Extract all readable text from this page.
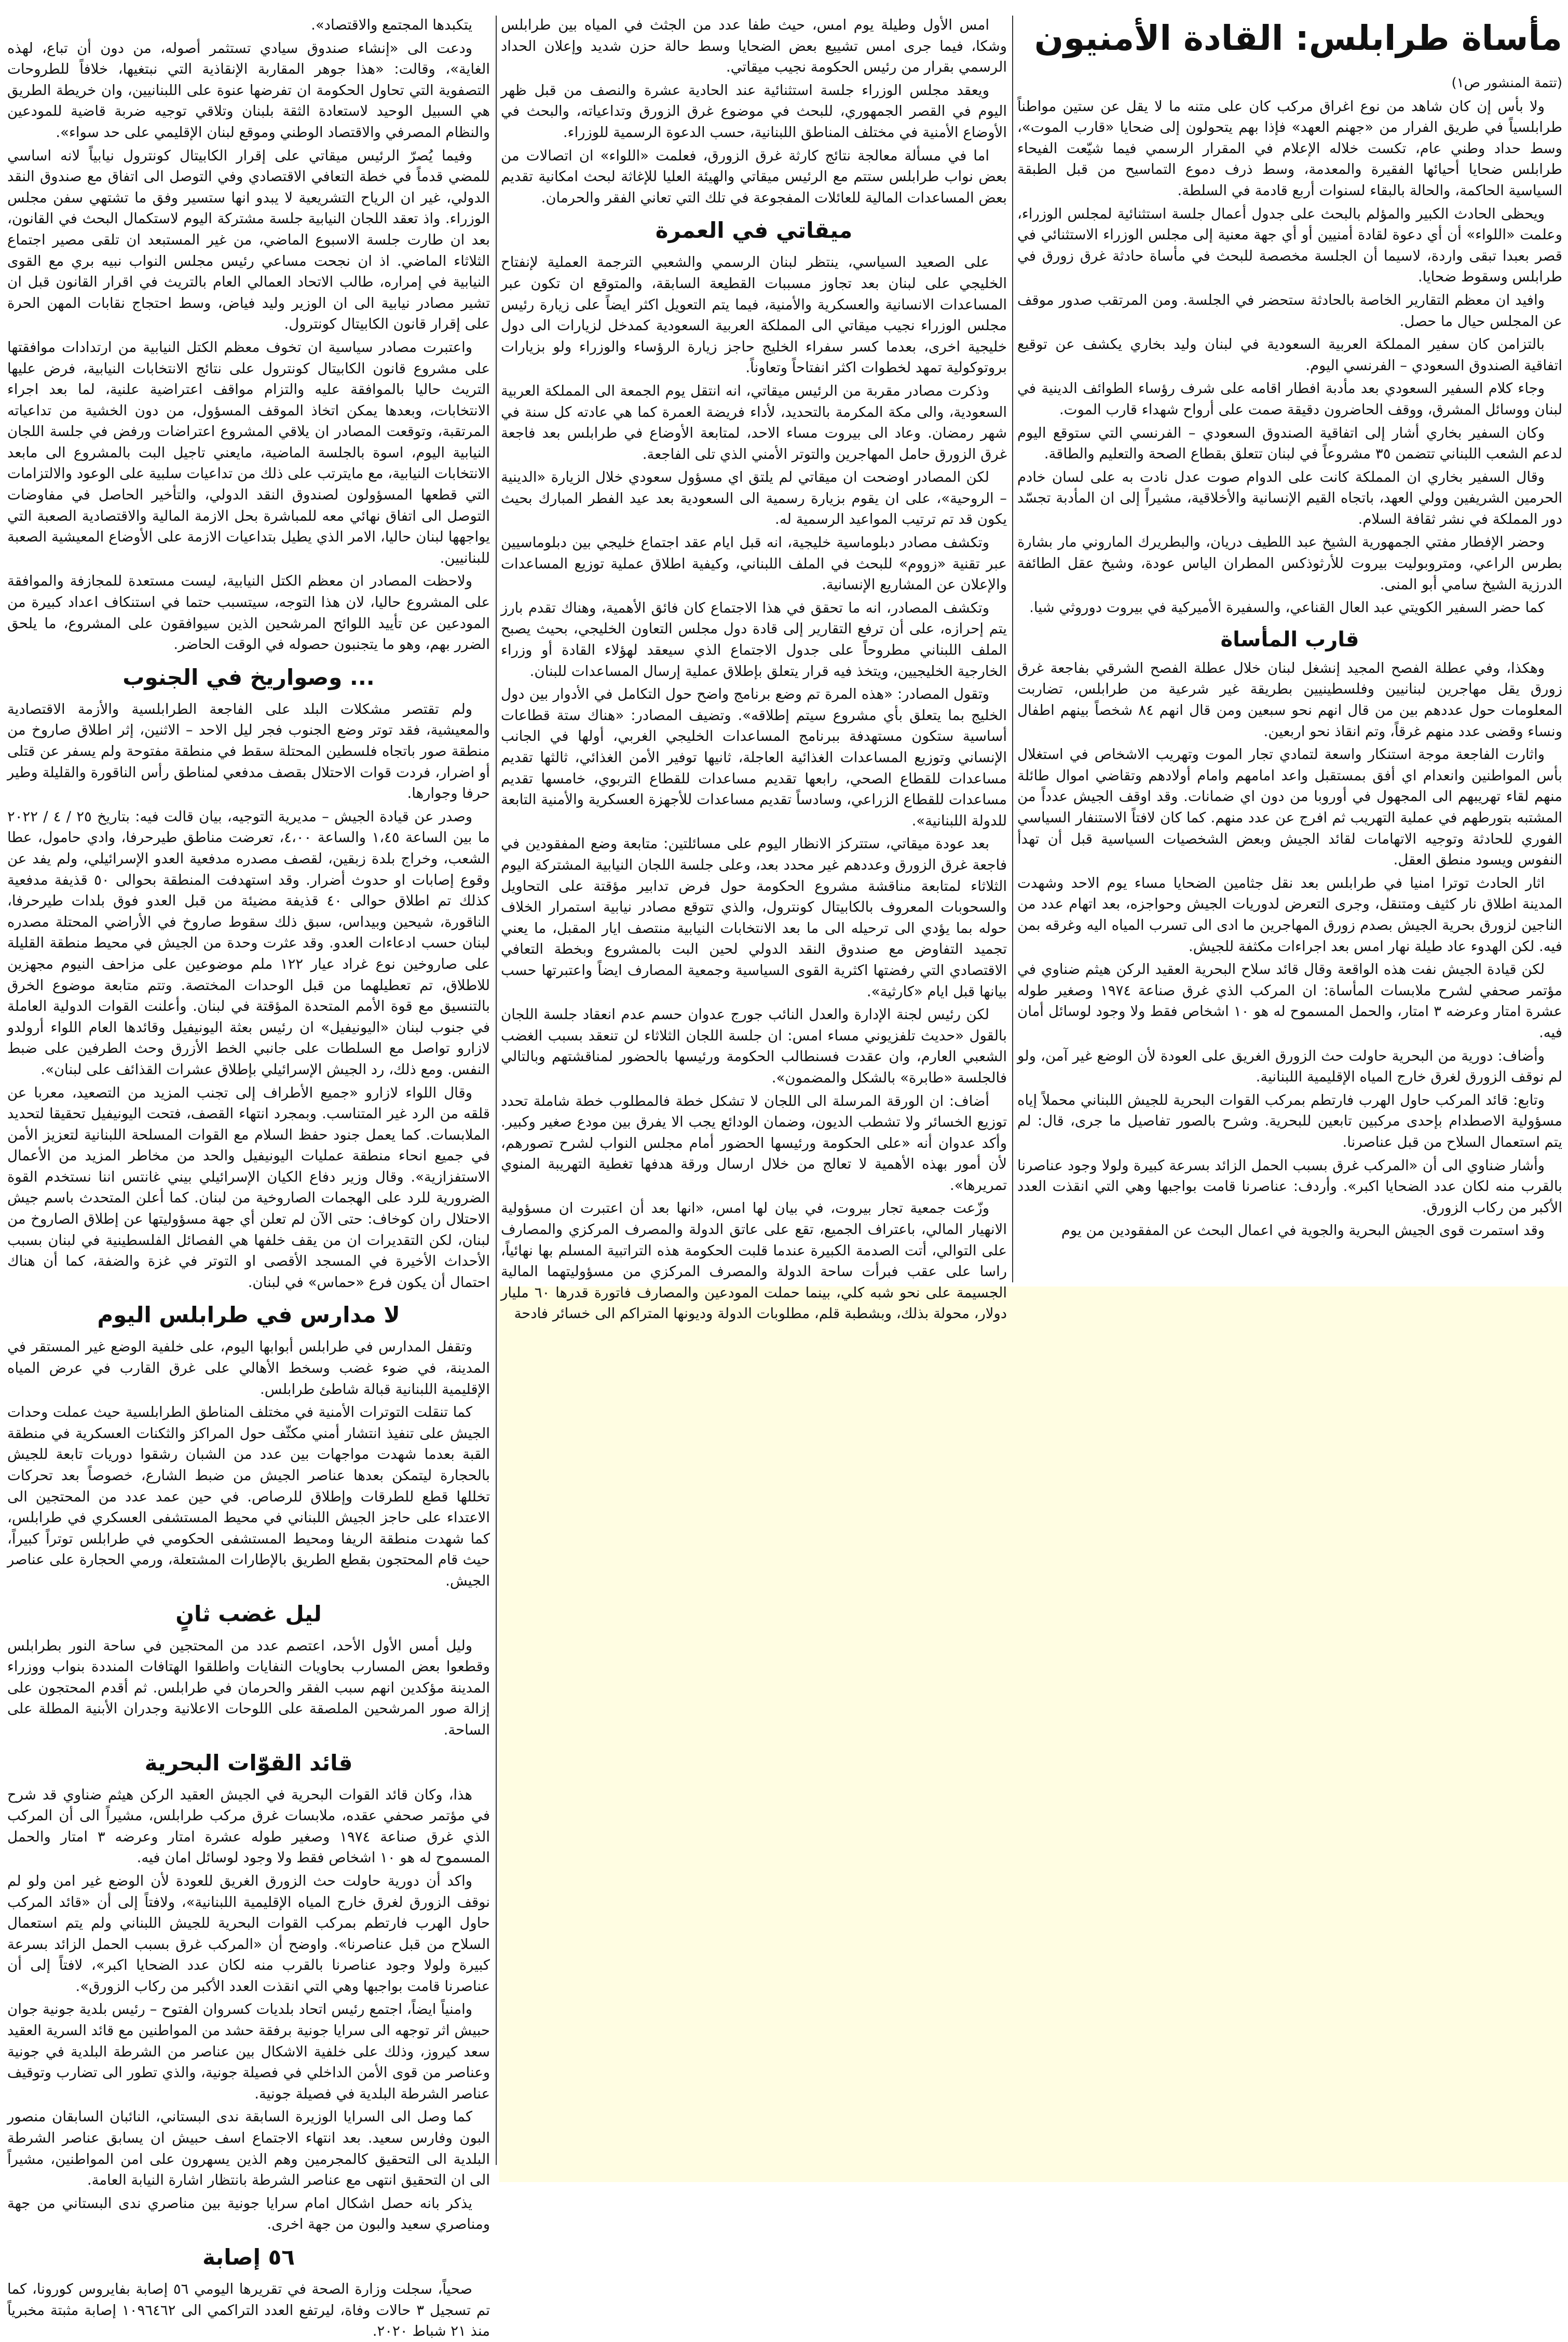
مأساة طرابلس: القادة الأمنيون

(تتمة المنشور ص١)

ولا بأس إن كان شاهد من نوع اغراق مركب كان على متنه ما لا يقل عن ستين مواطناً طرابلسياً في طريق الفرار من «جهنم العهد» فإذا بهم يتحولون إلى ضحايا «قارب الموت»، وسط حداد وطني عام، تكست خلاله الإعلام في المقرار الرسمي فيما شيّعت الفيحاء طرابلس ضحايا أحيائها الفقيرة والمعدمة، وسط ذرف دموع التماسيح من قبل الطبقة السياسية الحاكمة، والحالة بالبقاء لسنوات أربع قادمة في السلطة.

ويحظى الحادث الكبير والمؤلم بالبحث على جدول أعمال جلسة استثنائية لمجلس الوزراء، وعلمت «اللواء» أن أي دعوة لقادة أمنيين أو أي جهة معنية إلى مجلس الوزراء الاستثنائي في قصر بعبدا تبقى واردة، لاسيما أن الجلسة مخصصة للبحث في مأساة حادثة غرق زورق في طرابلس وسقوط ضحايا.

وافيد ان معظم التقارير الخاصة بالحادثة ستحضر في الجلسة. ومن المرتقب صدور موقف عن المجلس حيال ما حصل.

بالتزامن كان سفير المملكة العربية السعودية في لبنان وليد بخاري يكشف عن توقيع اتفاقية الصندوق السعودي – الفرنسي اليوم.

وجاء كلام السفير السعودي بعد مأدبة افطار اقامه على شرف رؤساء الطوائف الدينية في لبنان ووسائل المشرق، ووقف الحاضرون دقيقة صمت على أرواح شهداء قارب الموت.

وكان السفير بخاري أشار إلى اتفاقية الصندوق السعودي – الفرنسي التي ستوقع اليوم لدعم الشعب اللبناني تتضمن ٣٥ مشروعاً في لبنان تتعلق بقطاع الصحة والتعليم والطاقة.

وقال السفير بخاري ان المملكة كانت على الدوام صوت عدل نادت به على لسان خادم الحرمين الشريفين وولي العهد، باتجاه القيم الإنسانية والأخلاقية، مشيراً إلى ان المأدبة تجسّد دور المملكة في نشر ثقافة السلام.

وحضر الإفطار مفتي الجمهورية الشيخ عبد اللطيف دريان، والبطريرك الماروني مار بشارة بطرس الراعي، ومتروبوليت بيروت للأرثوذكس المطران الياس عودة، وشيخ عقل الطائفة الدرزية الشيخ سامي أبو المنى.

كما حضر السفير الكويتي عبد العال القناعي، والسفيرة الأميركية في بيروت دوروثي شيا.

قارب المأساة

وهكذا، وفي عطلة الفصح المجيد إنشغل لبنان خلال عطلة الفصح الشرقي بفاجعة غرق زورق يقل مهاجرين لبنانيين وفلسطينيين بطريقة غير شرعية من طرابلس، تضاربت المعلومات حول عددهم بين من قال انهم نحو سبعين ومن قال انهم ٨٤ شخصاً بينهم اطفال ونساء وقضى عدد منهم غرقاً، وتم انقاذ نحو اربعين.

واثارت الفاجعة موجة استنكار واسعة لتمادي تجار الموت وتهريب الاشخاص في استغلال بأس المواطنين وانعدام اي أفق بمستقبل واعد امامهم وامام أولادهم وتقاضي اموال طائلة منهم لقاء تهريبهم الى المجهول في أوروبا من دون اي ضمانات. وقد اوقف الجيش عدداً من المشتبه بتورطهم في عملية التهريب ثم افرج عن عدد منهم. كما كان لافتاً الاستنفار السياسي الفوري للحادثة وتوجيه الاتهامات لقائد الجيش وبعض الشخصيات السياسية قبل أن تهدأ النفوس ويسود منطق العقل.

اثار الحادث توترا امنيا في طرابلس بعد نقل جثامين الضحايا مساء يوم الاحد وشهدت المدينة اطلاق نار كثيف ومتنقل، وجرى التعرض لدوريات الجيش وحواجزه، بعد اتهام عدد من الناجين لزورق بحرية الجيش بصدم زورق المهاجرين ما ادى الى تسرب المياه اليه وغرقه بمن فيه. لكن الهدوء عاد طيلة نهار امس بعد اجراءات مكثفة للجيش.

لكن قيادة الجيش نفت هذه الواقعة وقال قائد سلاح البحرية العقيد الركن هيثم ضناوي في مؤتمر صحفي لشرح ملابسات المأساة: ان المركب الذي غرق صناعة ١٩٧٤ وصغير طوله عشرة امتار وعرضه ٣ امتار، والحمل المسموح له هو ١٠ اشخاص فقط ولا وجود لوسائل أمان فيه.

وأضاف: دورية من البحرية حاولت حث الزورق الغريق على العودة لأن الوضع غير آمن، ولو لم نوقف الزورق لغرق خارج المياه الإقليمية اللبنانية.

وتابع: قائد المركب حاول الهرب فارتطم بمركب القوات البحرية للجيش اللبناني محملاً إياه مسؤولية الاصطدام بإحدى مركبين تابعين للبحرية. وشرح بالصور تفاصيل ما جرى، قال: لم يتم استعمال السلاح من قبل عناصرنا.

وأشار ضناوي الى أن «المركب غرق بسبب الحمل الزائد بسرعة كبيرة ولولا وجود عناصرنا بالقرب منه لكان عدد الضحايا اكبر». وأردف: عناصرنا قامت بواجبها وهي التي انقذت العدد الأكبر من ركاب الزورق.

وقد استمرت قوى الجيش البحرية والجوية في اعمال البحث عن المفقودين من يوم

امس الأول وطيلة يوم امس، حيث طفا عدد من الجثث في المياه بين طرابلس وشكا، فيما جرى امس تشييع بعض الضحايا وسط حالة حزن شديد وإعلان الحداد الرسمي بقرار من رئيس الحكومة نجيب ميقاتي.

ويعقد مجلس الوزراء جلسة استثنائية عند الحادية عشرة والنصف من قبل ظهر اليوم في القصر الجمهوري، للبحث في موضوع غرق الزورق وتداعياته، والبحث في الأوضاع الأمنية في مختلف المناطق اللبنانية، حسب الدعوة الرسمية للوزراء.

اما في مسألة معالجة نتائج كارثة غرق الزورق، فعلمت «اللواء» ان اتصالات من بعض نواب طرابلس ستتم مع الرئيس ميقاتي والهيئة العليا للإغاثة لبحث امكانية تقديم بعض المساعدات المالية للعائلات المفجوعة في تلك التي تعاني الفقر والحرمان.

ميقاتي في العمرة

على الصعيد السياسي، ينتظر لبنان الرسمي والشعبي الترجمة العملية لإنفتاح الخليجي على لبنان بعد تجاوز مسببات القطيعة السابقة، والمتوقع ان تكون عبر المساعدات الانسانية والعسكرية والأمنية، فيما يتم التعويل اكثر ايضاً على زيارة رئيس مجلس الوزراء نجيب ميقاتي الى المملكة العربية السعودية كمدخل لزيارات الى دول خليجية اخرى، بعدما كسر سفراء الخليج حاجز زيارة الرؤساء والوزراء ولو بزيارات بروتوكولية تمهد لخطوات اكثر انفتاحاً وتعاوناً.

وذكرت مصادر مقربة من الرئيس ميقاتي، انه انتقل يوم الجمعة الى المملكة العربية السعودية، والى مكة المكرمة بالتحديد، لأداء فريضة العمرة كما هي عادته كل سنة في شهر رمضان. وعاد الى بيروت مساء الاحد، لمتابعة الأوضاع في طرابلس بعد فاجعة غرق الزورق حامل المهاجرين والتوتر الأمني الذي تلى الفاجعة.

لكن المصادر اوضحت ان ميقاتي لم يلتق اي مسؤول سعودي خلال الزيارة «الدينية – الروحية»، على ان يقوم بزيارة رسمية الى السعودية بعد عيد الفطر المبارك بحيث يكون قد تم ترتيب المواعيد الرسمية له.

وتكشف مصادر دبلوماسية خليجية، انه قبل ايام عقد اجتماع خليجي بين دبلوماسيين عبر تقنية «زووم» للبحث في الملف اللبناني، وكيفية اطلاق عملية توزيع المساعدات والإعلان عن المشاريع الإنسانية.

وتكشف المصادر، انه ما تحقق في هذا الاجتماع كان فائق الأهمية، وهناك تقدم بارز يتم إحرازه، على أن ترفع التقارير إلى قادة دول مجلس التعاون الخليجي، بحيث يصبح الملف اللبناني مطروحاً على جدول الاجتماع الذي سيعقد لهؤلاء القادة أو وزراء الخارجية الخليجيين، ويتخذ فيه قرار يتعلق بإطلاق عملية إرسال المساعدات للبنان.

وتقول المصادر: «هذه المرة تم وضع برنامج واضح حول التكامل في الأدوار بين دول الخليج بما يتعلق بأي مشروع سيتم إطلاقه». وتضيف المصادر: «هناك ستة قطاعات أساسية ستكون مستهدفة ببرنامج المساعدات الخليجي الغربي، أولها في الجانب الإنساني وتوزيع المساعدات الغذائية العاجلة، ثانيها توفير الأمن الغذائي، ثالثها تقديم مساعدات للقطاع الصحي، رابعها تقديم مساعدات للقطاع التربوي، خامسها تقديم مساعدات للقطاع الزراعي، وسادساً تقديم مساعدات للأجهزة العسكرية والأمنية التابعة للدولة اللبنانية».

بعد عودة ميقاتي، ستتركز الانظار اليوم على مسائلتين: متابعة وضع المفقودين في فاجعة غرق الزورق وعددهم غير محدد بعد، وعلى جلسة اللجان النيابية المشتركة اليوم الثلاثاء لمتابعة مناقشة مشروع الحكومة حول فرض تدابير مؤقتة على التحاويل والسحوبات المعروف بالكابيتال كونترول، والذي تتوقع مصادر نيابية استمرار الخلاف حوله بما يؤدي الى ترحيله الى ما بعد الانتخابات النيابية منتصف ايار المقبل، ما يعني تجميد التفاوض مع صندوق النقد الدولي لحين البت بالمشروع وبخطة التعافي الاقتصادي التي رفضتها اكثرية القوى السياسية وجمعية المصارف ايضاً واعتبرتها حسب بيانها قبل ايام «كارثية».

لكن رئيس لجنة الإدارة والعدل النائب جورج عدوان حسم عدم انعقاد جلسة اللجان بالقول «حديث تلفزيوني مساء امس: ان جلسة اللجان الثلاثاء لن تنعقد بسبب الغضب الشعبي العارم، وان عقدت فسنطالب الحكومة ورئيسها بالحضور لمناقشتهم وبالتالي فالجلسة «طابرة» بالشكل والمضمون».

أضاف: ان الورقة المرسلة الى اللجان لا تشكل خطة فالمطلوب خطة شاملة تحدد توزيع الخسائر ولا تشطب الديون، وضمان الودائع يجب الا يفرق بين مودع صغير وكبير. وأكد عدوان أنه «على الحكومة ورئيسها الحضور أمام مجلس النواب لشرح تصورهم، لأن أمور بهذه الأهمية لا تعالج من خلال ارسال ورقة هدفها تغطية التهريبة المنوي تمريرها».

وزّعت جمعية تجار بيروت، في بيان لها امس، «انها بعد أن اعتبرت ان مسؤولية الانهيار المالي، باعتراف الجميع، تقع على عاتق الدولة والمصرف المركزي والمصارف على التوالي، أتت الصدمة الكبيرة عندما قلبت الحكومة هذه التراتبية المسلم بها نهائياً، راسا على عقب فبرأت ساحة الدولة والمصرف المركزي من مسؤوليتهما المالية الجسيمة على نحو شبه كلي، بينما حملت المودعين والمصارف فاتورة قدرها ٦٠ مليار دولار، محولة بذلك، وبشطبة قلم، مطلوبات الدولة وديونها المتراكم الى خسائر فادحة

يتكبدها المجتمع والاقتصاد».

ودعت الى «إنشاء صندوق سيادي تستثمر أصوله، من دون أن تباع، لهذه الغاية»، وقالت: «هذا جوهر المقاربة الإنقاذية التي نبتغيها، خلافاً للطروحات التصفوية التي تحاول الحكومة ان تفرضها عنوة على اللبنانيين، وان خريطة الطريق هي السبيل الوحيد لاستعادة الثقة بلبنان وتلاقي توجيه ضربة قاضية للمودعين والنظام المصرفي والاقتصاد الوطني وموقع لبنان الإقليمي على حد سواء».

وفيما يُصرّ الرئيس ميقاتي على إقرار الكابيتال كونترول نيابياً لانه اساسي للمضي قدماً في خطة التعافي الاقتصادي وفي التوصل الى اتفاق مع صندوق النقد الدولي، غير ان الرياح التشريعية لا يبدو انها ستسير وفق ما تشتهي سفن مجلس الوزراء. واذ تعقد اللجان النيابية جلسة مشتركة اليوم لاستكمال البحث في القانون، بعد ان طارت جلسة الاسبوع الماضي، من غير المستبعد ان تلقى مصير اجتماع الثلاثاء الماضي. اذ ان نجحت مساعي رئيس مجلس النواب نبيه بري مع القوى النيابية في إمراره، طالب الاتحاد العمالي العام بالتريث في اقرار القانون قبل ان تشير مصادر نيابية الى ان الوزير وليد فياض، وسط احتجاج نقابات المهن الحرة على إقرار قانون الكابيتال كونترول.

واعتبرت مصادر سياسية ان تخوف معظم الكتل النيابية من ارتدادات موافقتها على مشروع قانون الكابيتال كونترول على نتائج الانتخابات النيابية، فرض عليها التريث حاليا بالموافقة عليه والتزام مواقف اعتراضية علنية، لما بعد اجراء الانتخابات، وبعدها يمكن اتخاذ الموقف المسؤول، من دون الخشية من تداعياته المرتقبة، وتوقعت المصادر ان يلاقي المشروع اعتراضات ورفض في جلسة اللجان النيابية اليوم، اسوة بالجلسة الماضية، مايعني تاجيل البت بالمشروع الى مابعد الانتخابات النيابية، مع مايترتب على ذلك من تداعيات سلبية على الوعود والالتزامات التي قطعها المسؤولون لصندوق النقد الدولي، والتأخير الحاصل في مفاوضات التوصل الى اتفاق نهائي معه للمباشرة بحل الازمة المالية والاقتصادية الصعبة التي يواجهها لبنان حاليا، الامر الذي يطيل بتداعيات الازمة على الأوضاع المعيشية الصعبة للبنانيين.

ولاحظت المصادر ان معظم الكتل النيابية، ليست مستعدة للمجازفة والموافقة على المشروع حاليا، لان هذا التوجه، سيتسبب حتما في استنكاف اعداد كبيرة من المودعين عن تأييد اللوائح المرشحين الذين سيوافقون على المشروع، ما يلحق الضرر بهم، وهو ما يتجنبون حصوله في الوقت الحاضر.

... وصواريخ في الجنوب

ولم تقتصر مشكلات البلد على الفاجعة الطرابلسية والأزمة الاقتصادية والمعيشية، فقد توتر وضع الجنوب فجر ليل الاحد – الاثنين، إثر اطلاق صاروخ من منطقة صور باتجاه فلسطين المحتلة سقط في منطقة مفتوحة ولم يسفر عن قتلى أو اضرار، فردت قوات الاحتلال بقصف مدفعي لمناطق رأس الناقورة والقليلة وطير حرفا وجوارها.

وصدر عن قيادة الجيش – مديرية التوجيه، بيان قالت فيه: بتاريخ ٢٥ / ٤ / ٢٠٢٢ ما بين الساعة ١،٤٥ والساعة ٤،٠٠، تعرضت مناطق طيرحرفا، وادي حامول، عطا الشعب، وخراج بلدة زبقين، لقصف مصدره مدفعية العدو الإسرائيلي، ولم يفد عن وقوع إصابات او حدوث أضرار. وقد استهدفت المنطقة بحوالى ٥٠ قذيفة مدفعية كذلك تم اطلاق حوالى ٤٠ قذيفة مضيئة من قبل العدو فوق بلدات طيرحرفا، الناقورة، شيحين وبيداس، سبق ذلك سقوط صاروخ في الأراضي المحتلة مصدره لبنان حسب ادعاءات العدو. وقد عثرت وحدة من الجيش في محيط منطقة القليلة على صاروخين نوع غراد عيار ١٢٢ ملم موضوعين على مزاحف النيوم مجهزين للاطلاق، تم تعطيلهما من قبل الوحدات المختصة. وتتم متابعة موضوع الخرق بالتنسيق مع قوة الأمم المتحدة المؤقتة في لبنان. وأعلنت القوات الدولية العاملة في جنوب لبنان «اليونيفيل» ان رئيس بعثة اليونيفيل وقائدها العام اللواء أرولدو لازارو تواصل مع السلطات على جانبي الخط الأزرق وحث الطرفين على ضبط النفس. ومع ذلك، رد الجيش الإسرائيلي بإطلاق عشرات القذائف على لبنان».

وقال اللواء لازارو «جميع الأطراف إلى تجنب المزيد من التصعيد، معربا عن قلقه من الرد غير المتناسب. وبمجرد انتهاء القصف، فتحت اليونيفيل تحقيقا لتحديد الملابسات. كما يعمل جنود حفظ السلام مع القوات المسلحة اللبنانية لتعزيز الأمن في جميع انحاء منطقة عمليات اليونيفيل والحد من مخاطر المزيد من الأعمال الاستفزازية». وقال وزير دفاع الكيان الإسرائيلي بيني غانتس اننا نستخدم القوة الضرورية للرد على الهجمات الصاروخية من لبنان. كما أعلن المتحدث باسم جيش الاحتلال ران كوخاف: حتى الآن لم تعلن أي جهة مسؤوليتها عن إطلاق الصاروخ من لبنان، لكن التقديرات ان من يقف خلفها هي الفصائل الفلسطينية في لبنان بسبب الأحداث الأخيرة في المسجد الأقصى او التوتر في غزة والضفة، كما أن هناك احتمال أن يكون فرع «حماس» في لبنان.

لا مدارس في طرابلس اليوم

وتقفل المدارس في طرابلس أبوابها اليوم، على خلفية الوضع غير المستقر في المدينة، في ضوء غضب وسخط الأهالي على غرق القارب في عرض المياه الإقليمية اللبنانية قبالة شاطئ طرابلس.

كما تنقلت التوترات الأمنية في مختلف المناطق الطرابلسية حيث عملت وحدات الجيش على تنفيذ انتشار أمني مكثّف حول المراكز والثكنات العسكرية في منطقة القبة بعدما شهدت مواجهات بين عدد من الشبان رشقوا دوريات تابعة للجيش بالحجارة ليتمكن بعدها عناصر الجيش من ضبط الشارع، خصوصاً بعد تحركات تخللها قطع للطرقات وإطلاق للرصاص. في حين عمد عدد من المحتجين الى الاعتداء على حاجز الجيش اللبناني في محيط المستشفى العسكري في طرابلس، كما شهدت منطقة الريفا ومحيط المستشفى الحكومي في طرابلس توتراً كبيراً، حيث قام المحتجون بقطع الطريق بالإطارات المشتعلة، ورمي الحجارة على عناصر الجيش.

ليل غضب ثانٍ

وليل أمس الأول الأحد، اعتصم عدد من المحتجين في ساحة النور بطرابلس وقطعوا بعض المسارب بحاويات النفايات واطلقوا الهتافات المنددة بنواب ووزراء المدينة مؤكدين انهم سبب الفقر والحرمان في طرابلس. ثم أقدم المحتجون على إزالة صور المرشحين الملصقة على اللوحات الاعلانية وجدران الأبنية المطلة على الساحة.

قائد القوّات البحرية

هذا، وكان قائد القوات البحرية في الجيش العقيد الركن هيثم ضناوي قد شرح في مؤتمر صحفي عقده، ملابسات غرق مركب طرابلس، مشيراً الى أن المركب الذي غرق صناعة ١٩٧٤ وصغير طوله عشرة امتار وعرضه ٣ امتار والحمل المسموح له هو ١٠ اشخاص فقط ولا وجود لوسائل امان فيه.

واكد أن دورية حاولت حث الزورق الغريق للعودة لأن الوضع غير امن ولو لم نوقف الزورق لغرق خارج المياه الإقليمية اللبنانية»، ولافتاً إلى أن «قائد المركب حاول الهرب فارتطم بمركب القوات البحرية للجيش اللبناني ولم يتم استعمال السلاح من قبل عناصرنا». واوضح أن «المركب غرق بسبب الحمل الزائد بسرعة كبيرة ولولا وجود عناصرنا بالقرب منه لكان عدد الضحايا اكبر»، لافتاً إلى أن عناصرنا قامت بواجبها وهي التي انقذت العدد الأكبر من ركاب الزورق».

وامنياً ايضاً، اجتمع رئيس اتحاد بلديات كسروان الفتوح – رئيس بلدية جونية جوان حبيش اثر توجهه الى سرايا جونية برفقة حشد من المواطنين مع قائد السرية العقيد سعد كيروز، وذلك على خلفية الاشكال بين عناصر من الشرطة البلدية في جونية وعناصر من قوى الأمن الداخلي في فصيلة جونية، والذي تطور الى تضارب وتوقيف عناصر الشرطة البلدية في فصيلة جونية.

كما وصل الى السرايا الوزيرة السابقة ندى البستاني، النائبان السابقان منصور البون وفارس سعيد. بعد انتهاء الاجتماع اسف حبيش ان يسابق عناصر الشرطة البلدية الى التحقيق كالمجرمين وهم الذين يسهرون على امن المواطنين، مشيراً الى ان التحقيق انتهى مع عناصر الشرطة بانتظار اشارة النيابة العامة.

يذكر بانه حصل اشكال امام سرايا جونية بين مناصري ندى البستاني من جهة ومناصري سعيد والبون من جهة اخرى.

٥٦ إصابة

صحياً، سجلت وزارة الصحة في تقريرها اليومي ٥٦ إصابة بفايروس كورونا، كما تم تسجيل ٣ حالات وفاة، ليرتفع العدد التراكمي الى ١٠٩٦٤٦٢ إصابة مثبتة مخبرياً منذ ٢١ شباط ٢٠٢٠.
